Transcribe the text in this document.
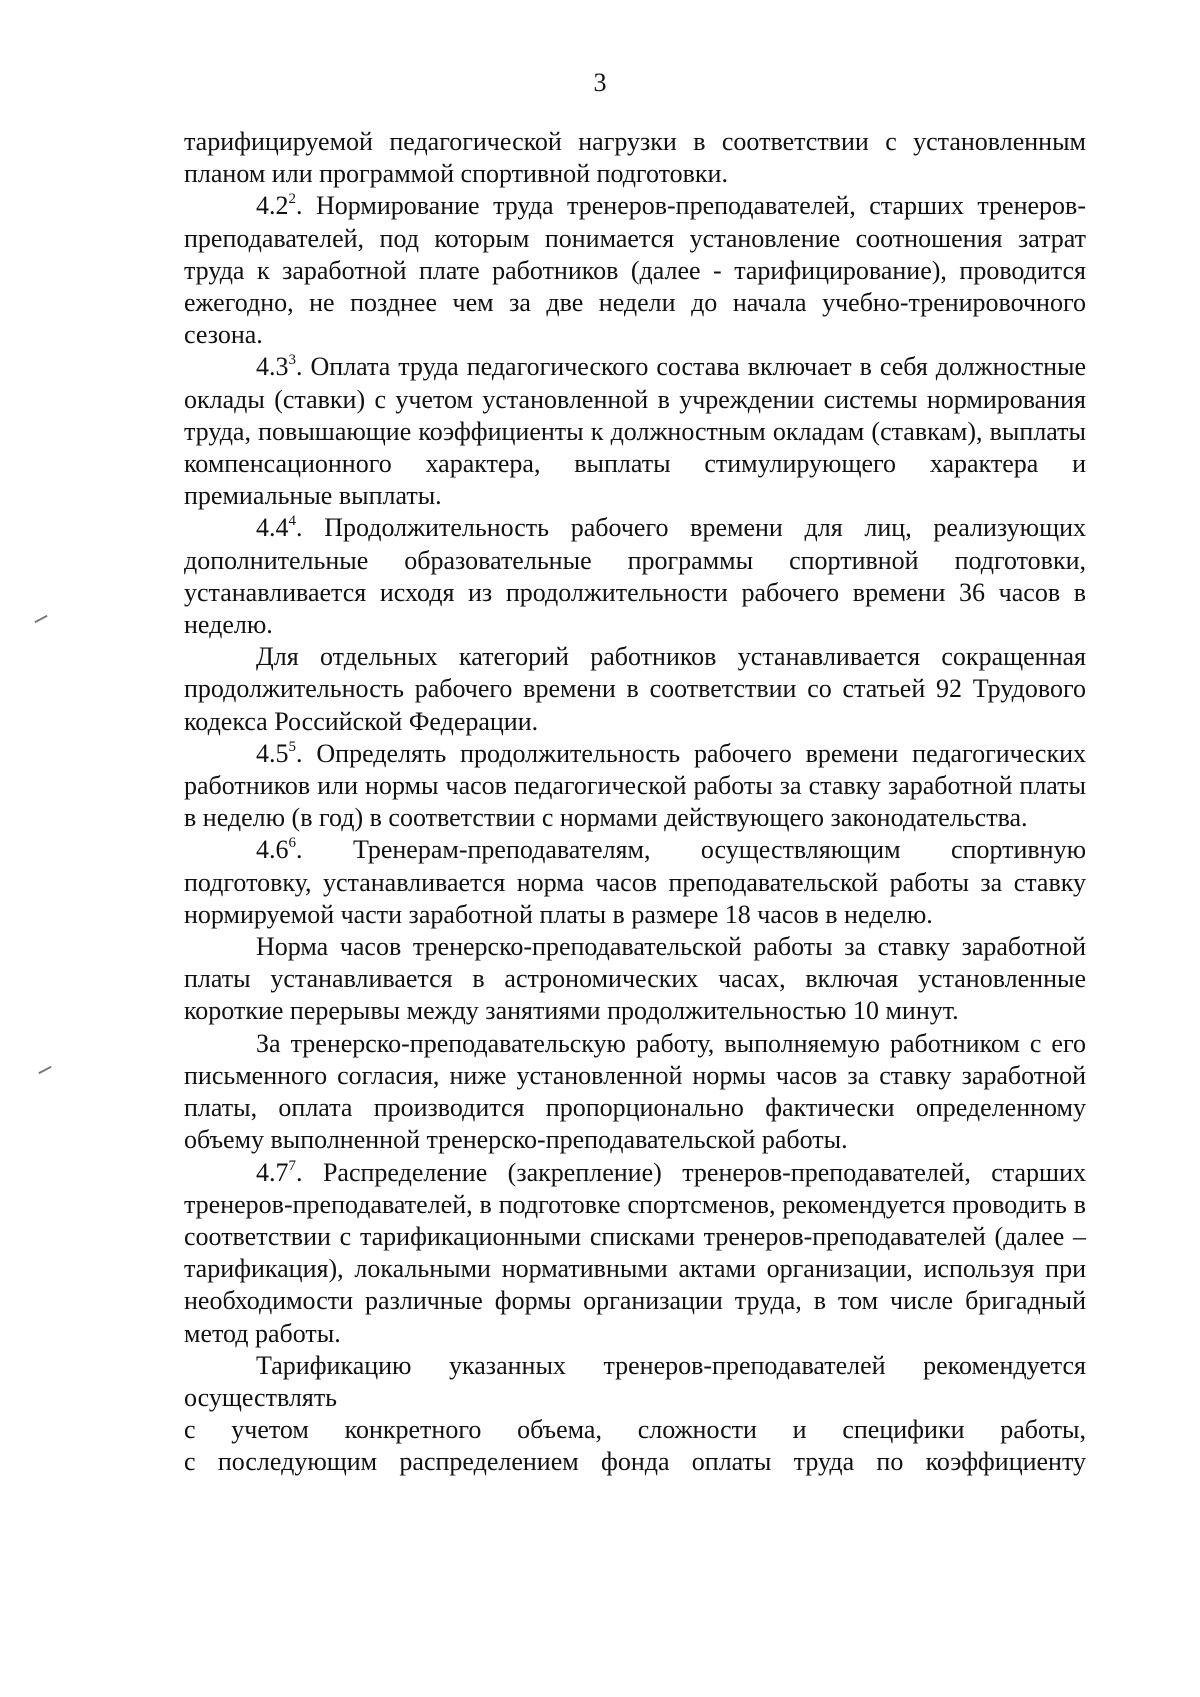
3

тарифицируемой педагогической нагрузки в соответствии с установленным планом или программой спортивной подготовки.

$4.2^2$. Нормирование труда тренеров-преподавателей, старших тренеров-преподавателей, под которым понимается установление соотношения затрат труда к заработной плате работников (далее - тарифицирование), проводится ежегодно, не позднее чем за две недели до начала учебно-тренировочного сезона.

$4.3^3$. Оплата труда педагогического состава включает в себя должностные оклады (ставки) с учетом установленной в учреждении системы нормирования труда, повышающие коэффициенты к должностным окладам (ставкам), выплаты компенсационного характера, выплаты стимулирующего характера и премиальные выплаты.

$4.4^4$. Продолжительность рабочего времени для лиц, реализующих дополнительные образовательные программы спортивной подготовки, устанавливается исходя из продолжительности рабочего времени 36 часов в неделю.

Для отдельных категорий работников устанавливается сокращенная продолжительность рабочего времени в соответствии со статьей 92 Трудового кодекса Российской Федерации.

$4.5^5$. Определять продолжительность рабочего времени педагогических работников или нормы часов педагогической работы за ставку заработной платы в неделю (в год) в соответствии с нормами действующего законодательства.

$4.6^6$. Тренерам-преподавателям, осуществляющим спортивную подготовку, устанавливается норма часов преподавательской работы за ставку нормируемой части заработной платы в размере 18 часов в неделю.

Норма часов тренерско-преподавательской работы за ставку заработной платы устанавливается в астрономических часах, включая установленные короткие перерывы между занятиями продолжительностью 10 минут.

За тренерско-преподавательскую работу, выполняемую работником с его письменного согласия, ниже установленной нормы часов за ставку заработной платы, оплата производится пропорционально фактически определенному объему выполненной тренерско-преподавательской работы.

$4.7^7$. Распределение (закрепление) тренеров-преподавателей, старших тренеров-преподавателей, в подготовке спортсменов, рекомендуется проводить в соответствии с тарификационными списками тренеров-преподавателей (далее – тарификация), локальными нормативными актами организации, используя при необходимости различные формы организации труда, в том числе бригадный метод работы.

Тарификацию указанных тренеров-преподавателей рекомендуется осуществлять

с учетом конкретного объема, сложности и специфики работы,

с последующим распределением фонда оплаты труда по коэффициенту
